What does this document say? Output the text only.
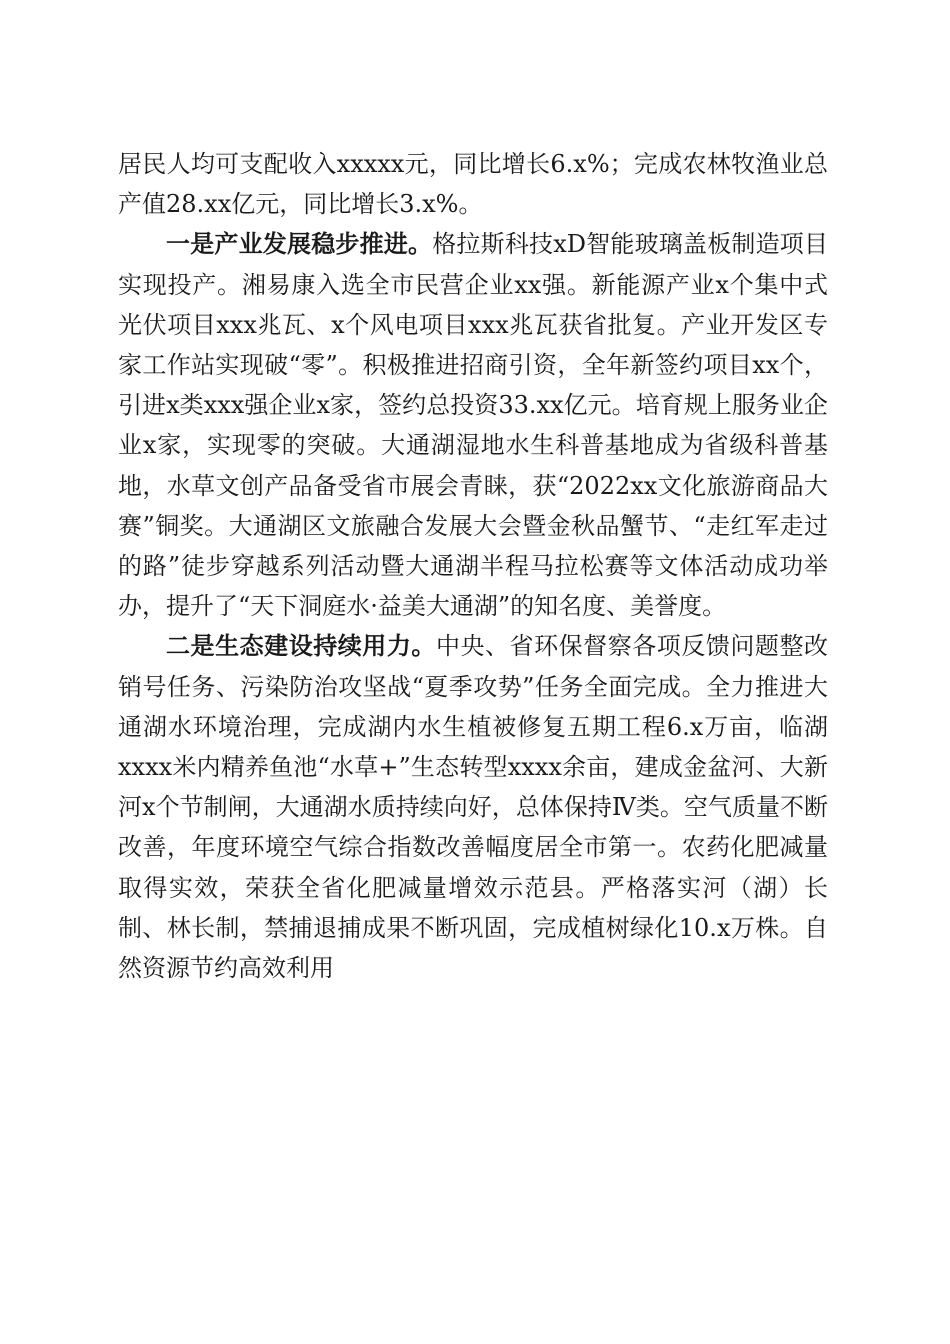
居民人均可支配收入xxxxx元，同比增长6.x%；完成农林牧渔业总产值28.xx亿元，同比增长3.x%。

一是产业发展稳步推进。格拉斯科技xD智能玻璃盖板制造项目实现投产。湘易康入选全市民营企业xx强。新能源产业x个集中式光伏项目xxx兆瓦、x个风电项目xxx兆瓦获省批复。产业开发区专家工作站实现破“零”。积极推进招商引资，全年新签约项目xx个，引进x类xxx强企业x家，签约总投资33.xx亿元。培育规上服务业企业x家，实现零的突破。大通湖湿地水生科普基地成为省级科普基地，水草文创产品备受省市展会青睐，获“2022xx文化旅游商品大赛”铜奖。大通湖区文旅融合发展大会暨金秋品蟹节、“走红军走过的路”徒步穿越系列活动暨大通湖半程马拉松赛等文体活动成功举办，提升了“天下洞庭水·益美大通湖”的知名度、美誉度。

二是生态建设持续用力。中央、省环保督察各项反馈问题整改销号任务、污染防治攻坚战“夏季攻势”任务全面完成。全力推进大通湖水环境治理，完成湖内水生植被修复五期工程6.x万亩，临湖xxxx米内精养鱼池“水草+”生态转型xxxx余亩，建成金盆河、大新河x个节制闸，大通湖水质持续向好，总体保持Ⅳ类。空气质量不断改善，年度环境空气综合指数改善幅度居全市第一。农药化肥减量取得实效，荣获全省化肥减量增效示范县。严格落实河（湖）长制、林长制，禁捕退捕成果不断巩固，完成植树绿化10.x万株。自然资源节约高效利用
